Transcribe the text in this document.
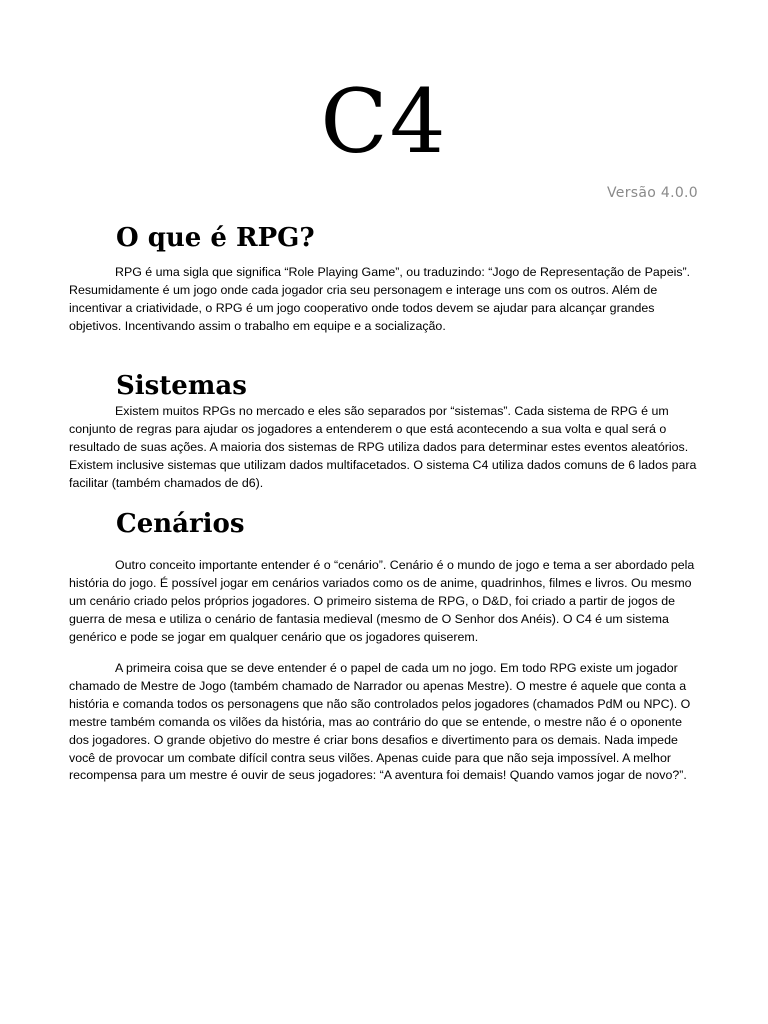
C4
Versão 4.0.0
O que é RPG?

RPG é uma sigla que significa “Role Playing Game”, ou traduzindo: “Jogo de Representação de Papeis”. Resumidamente é um jogo onde cada jogador cria seu personagem e interage uns com os outros. Além de incentivar a criatividade, o RPG é um jogo cooperativo onde todos devem se ajudar para alcançar grandes objetivos. Incentivando assim o trabalho em equipe e a socialização.

Sistemas

Existem muitos RPGs no mercado e eles são separados por “sistemas”. Cada sistema de RPG é um conjunto de regras para ajudar os jogadores a entenderem o que está acontecendo a sua volta e qual será o resultado de suas ações. A maioria dos sistemas de RPG utiliza dados para determinar estes eventos aleatórios. Existem inclusive sistemas que utilizam dados multifacetados. O sistema C4 utiliza dados comuns de 6 lados para facilitar (também chamados de d6).

Cenários

Outro conceito importante entender é o “cenário”. Cenário é o mundo de jogo e tema a ser abordado pela história do jogo. É possível jogar em cenários variados como os de anime, quadrinhos, filmes e livros. Ou mesmo um cenário criado pelos próprios jogadores. O primeiro sistema de RPG, o D&D, foi criado a partir de jogos de guerra de mesa e utiliza o cenário de fantasia medieval (mesmo de O Senhor dos Anéis). O C4 é um sistema genérico e pode se jogar em qualquer cenário que os jogadores quiserem.

A primeira coisa que se deve entender é o papel de cada um no jogo. Em todo RPG existe um jogador chamado de Mestre de Jogo (também chamado de Narrador ou apenas Mestre). O mestre é aquele que conta a história e comanda todos os personagens que não são controlados pelos jogadores (chamados PdM ou NPC). O mestre também comanda os vilões da história, mas ao contrário do que se entende, o mestre não é o oponente dos jogadores. O grande objetivo do mestre é criar bons desafios e divertimento para os demais. Nada impede você de provocar um combate difícil contra seus vilões. Apenas cuide para que não seja impossível. A melhor recompensa para um mestre é ouvir de seus jogadores: “A aventura foi demais! Quando vamos jogar de novo?”.
